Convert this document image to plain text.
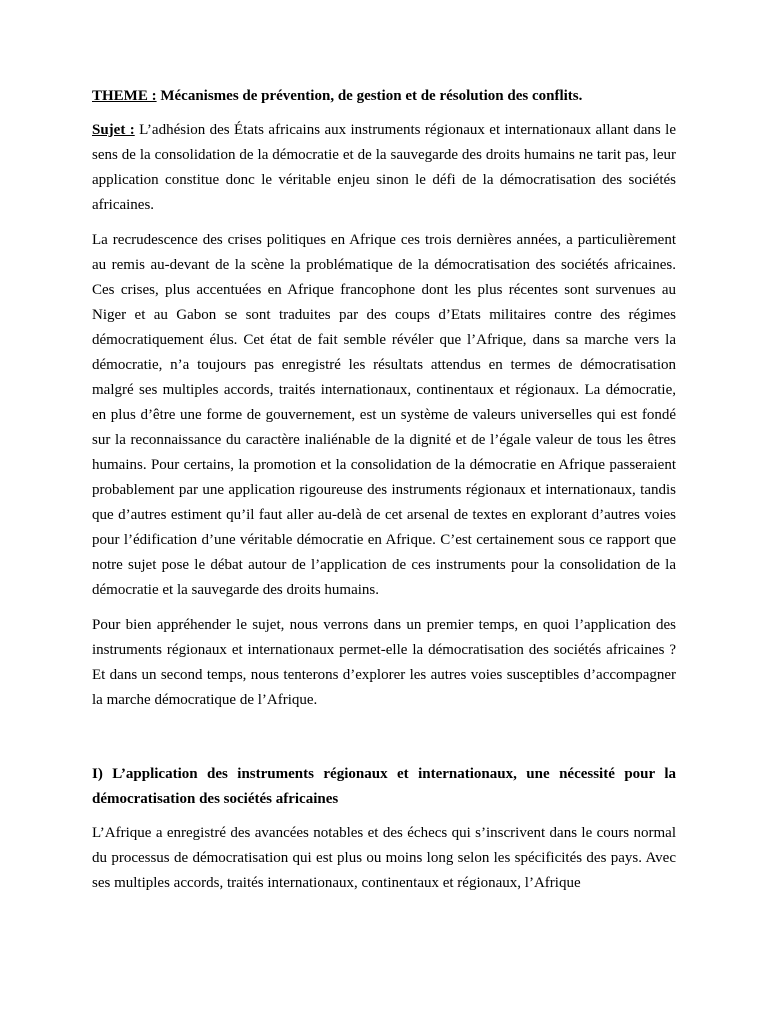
THEME : Mécanismes de prévention, de gestion et de résolution des conflits.

Sujet : L’adhésion des États africains aux instruments régionaux et internationaux allant dans le sens de la consolidation de la démocratie et de la sauvegarde des droits humains ne tarit pas, leur application constitue donc le véritable enjeu sinon le défi de la démocratisation des sociétés africaines.

La recrudescence des crises politiques en Afrique ces trois dernières années, a particulièrement au remis au-devant de la scène la problématique de la démocratisation des sociétés africaines. Ces crises, plus accentuées en Afrique francophone dont les plus récentes sont survenues au Niger et au Gabon se sont traduites par des coups d’Etats militaires contre des régimes démocratiquement élus. Cet état de fait semble révéler que l’Afrique, dans sa marche vers la démocratie, n’a toujours pas enregistré les résultats attendus en termes de démocratisation malgré ses multiples accords, traités internationaux, continentaux et régionaux. La démocratie, en plus d’être une forme de gouvernement, est un système de valeurs universelles qui est fondé sur la reconnaissance du caractère inaliénable de la dignité et de l’égale valeur de tous les êtres humains. Pour certains, la promotion et la consolidation de la démocratie en Afrique passeraient probablement par une application rigoureuse des instruments régionaux et internationaux, tandis que d’autres estiment qu’il faut aller au-delà de cet arsenal de textes en explorant d’autres voies pour l’édification d’une véritable démocratie en Afrique. C’est certainement sous ce rapport que notre sujet pose le débat autour de l’application de ces instruments pour la consolidation de la démocratie et la sauvegarde des droits humains.

Pour bien appréhender le sujet, nous verrons dans un premier temps, en quoi l’application des instruments régionaux et internationaux permet-elle la démocratisation des sociétés africaines ? Et dans un second temps, nous tenterons d’explorer les autres voies susceptibles d’accompagner la marche démocratique de l’Afrique.

I) L’application des instruments régionaux et internationaux, une nécessité pour la démocratisation des sociétés africaines

L’Afrique a enregistré des avancées notables et des échecs qui s’inscrivent dans le cours normal du processus de démocratisation qui est plus ou moins long selon les spécificités des pays. Avec ses multiples accords, traités internationaux, continentaux et régionaux, l’Afrique
